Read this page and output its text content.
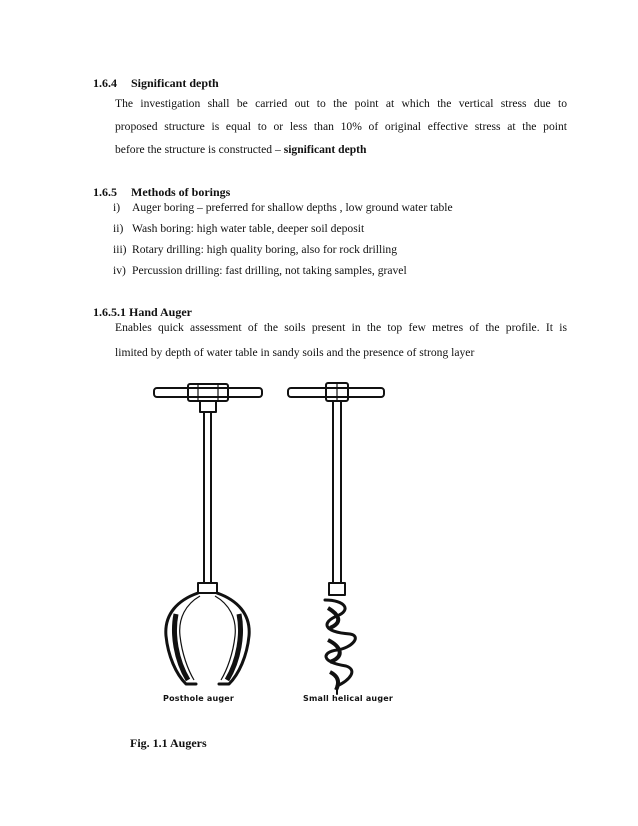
1.6.4 Significant depth
The investigation shall be carried out to the point at which the vertical stress due to
proposed structure is equal to or less than 10% of original effective stress at the point
before the structure is constructed – significant depth
1.6.5 Methods of borings
i) Auger boring – preferred for shallow depths , low ground water table
ii) Wash boring: high water table, deeper soil deposit
iii) Rotary drilling: high quality boring, also for rock drilling
iv) Percussion drilling: fast drilling, not taking samples, gravel
1.6.5.1 Hand Auger
Enables quick assessment of the soils present in the top few metres of the profile. It is
limited by depth of water table in sandy soils and the presence of strong layer
Posthole auger	Small helical auger
Fig. 1.1 Augers
